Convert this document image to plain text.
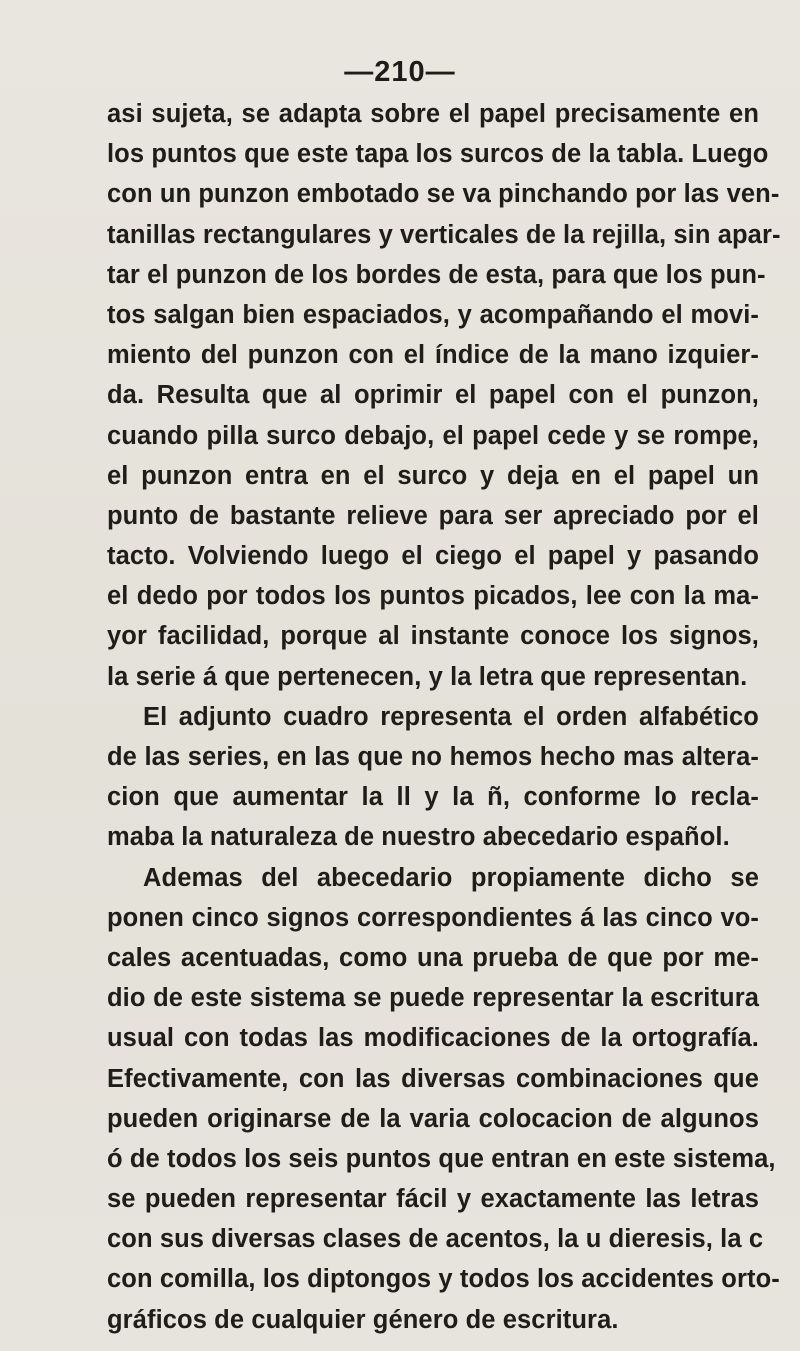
—210—
asi sujeta, se adapta sobre el papel precisamente en
los puntos que este tapa los surcos de la tabla. Luego
con un punzon embotado se va pinchando por las ven-
tanillas rectangulares y verticales de la rejilla, sin apar-
tar el punzon de los bordes de esta, para que los pun-
tos salgan bien espaciados, y acompañando el movi-
miento del punzon con el índice de la mano izquier-
da. Resulta que al oprimir el papel con el punzon,
cuando pilla surco debajo, el papel cede y se rompe,
el punzon entra en el surco y deja en el papel un
punto de bastante relieve para ser apreciado por el
tacto. Volviendo luego el ciego el papel y pasando
el dedo por todos los puntos picados, lee con la ma-
yor facilidad, porque al instante conoce los signos,
la serie á que pertenecen, y la letra que representan.
El adjunto cuadro representa el orden alfabético
de las series, en las que no hemos hecho mas altera-
cion que aumentar la ll y la ñ, conforme lo recla-
maba la naturaleza de nuestro abecedario español.
Ademas del abecedario propiamente dicho se
ponen cinco signos correspondientes á las cinco vo-
cales acentuadas, como una prueba de que por me-
dio de este sistema se puede representar la escritura
usual con todas las modificaciones de la ortografía.
Efectivamente, con las diversas combinaciones que
pueden originarse de la varia colocacion de algunos
ó de todos los seis puntos que entran en este sistema,
se pueden representar fácil y exactamente las letras
con sus diversas clases de acentos, la u dieresis, la c
con comilla, los diptongos y todos los accidentes orto-
gráficos de cualquier género de escritura.
